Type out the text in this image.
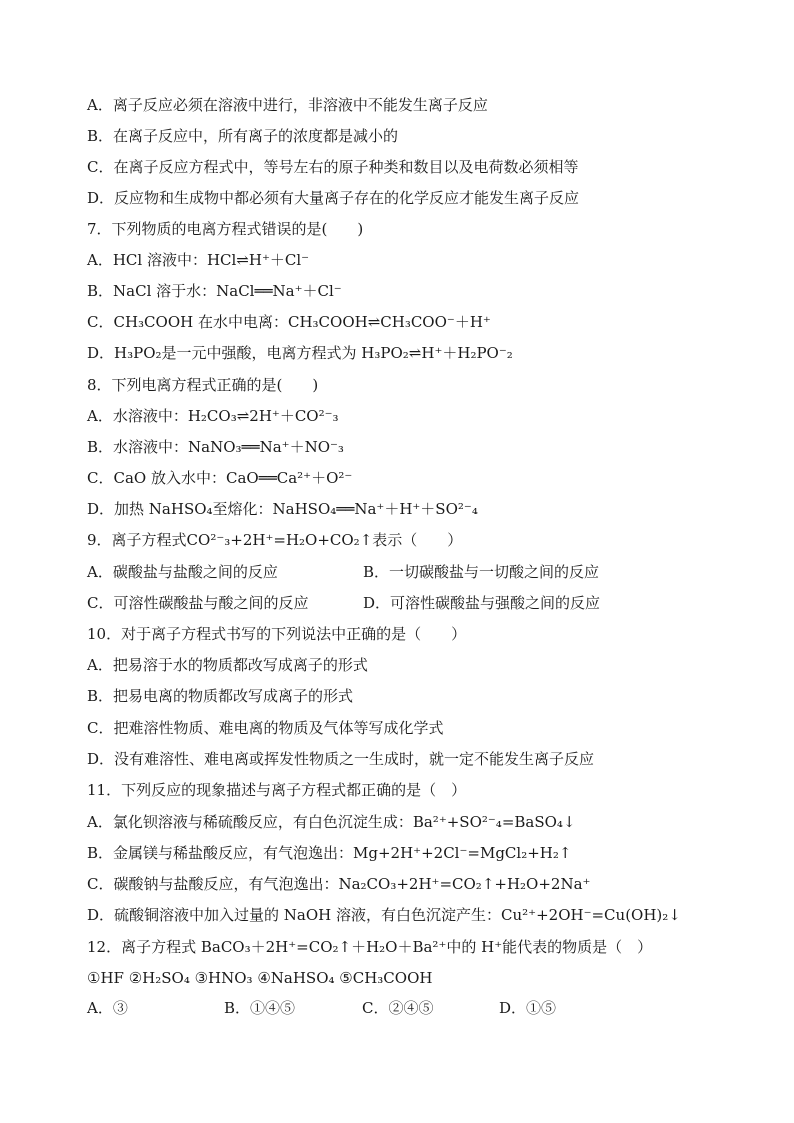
A．离子反应必须在溶液中进行，非溶液中不能发生离子反应
B．在离子反应中，所有离子的浓度都是减小的
C．在离子反应方程式中，等号左右的原子种类和数目以及电荷数必须相等
D．反应物和生成物中都必须有大量离子存在的化学反应才能发生离子反应
7．下列物质的电离方程式错误的是(　　)
A．HCl 溶液中：HCl⇌H⁺＋Cl⁻
B．NaCl 溶于水：NaCl══Na⁺＋Cl⁻
C．CH₃COOH 在水中电离：CH₃COOH⇌CH₃COO⁻＋H⁺
D．H₃PO₂是一元中强酸，电离方程式为 H₃PO₂⇌H⁺＋H₂PO⁻₂
8．下列电离方程式正确的是(　　)
A．水溶液中：H₂CO₃⇌2H⁺＋CO²⁻₃
B．水溶液中：NaNO₃══Na⁺＋NO⁻₃
C．CaO 放入水中：CaO══Ca²⁺＋O²⁻
D．加热 NaHSO₄至熔化：NaHSO₄══Na⁺＋H⁺＋SO²⁻₄
9．离子方程式CO²⁻₃+2H⁺=H₂O+CO₂↑表示（　　）
A．碳酸盐与盐酸之间的反应	B．一切碳酸盐与一切酸之间的反应
C．可溶性碳酸盐与酸之间的反应	D．可溶性碳酸盐与强酸之间的反应
10．对于离子方程式书写的下列说法中正确的是（　　）
A．把易溶于水的物质都改写成离子的形式
B．把易电离的物质都改写成离子的形式
C．把难溶性物质、难电离的物质及气体等写成化学式
D．没有难溶性、难电离或挥发性物质之一生成时，就一定不能发生离子反应
11．下列反应的现象描述与离子方程式都正确的是（　）
A．氯化钡溶液与稀硫酸反应，有白色沉淀生成：Ba²⁺+SO²⁻₄=BaSO₄↓
B．金属镁与稀盐酸反应，有气泡逸出：Mg+2H⁺+2Cl⁻=MgCl₂+H₂↑
C．碳酸钠与盐酸反应，有气泡逸出：Na₂CO₃+2H⁺=CO₂↑+H₂O+2Na⁺
D．硫酸铜溶液中加入过量的 NaOH 溶液，有白色沉淀产生：Cu²⁺+2OH⁻=Cu(OH)₂↓
12．离子方程式 BaCO₃＋2H⁺=CO₂↑＋H₂O＋Ba²⁺中的 H⁺能代表的物质是（　）
①HF ②H₂SO₄ ③HNO₃ ④NaHSO₄ ⑤CH₃COOH
A．③	B．①④⑤	C．②④⑤	D．①⑤
